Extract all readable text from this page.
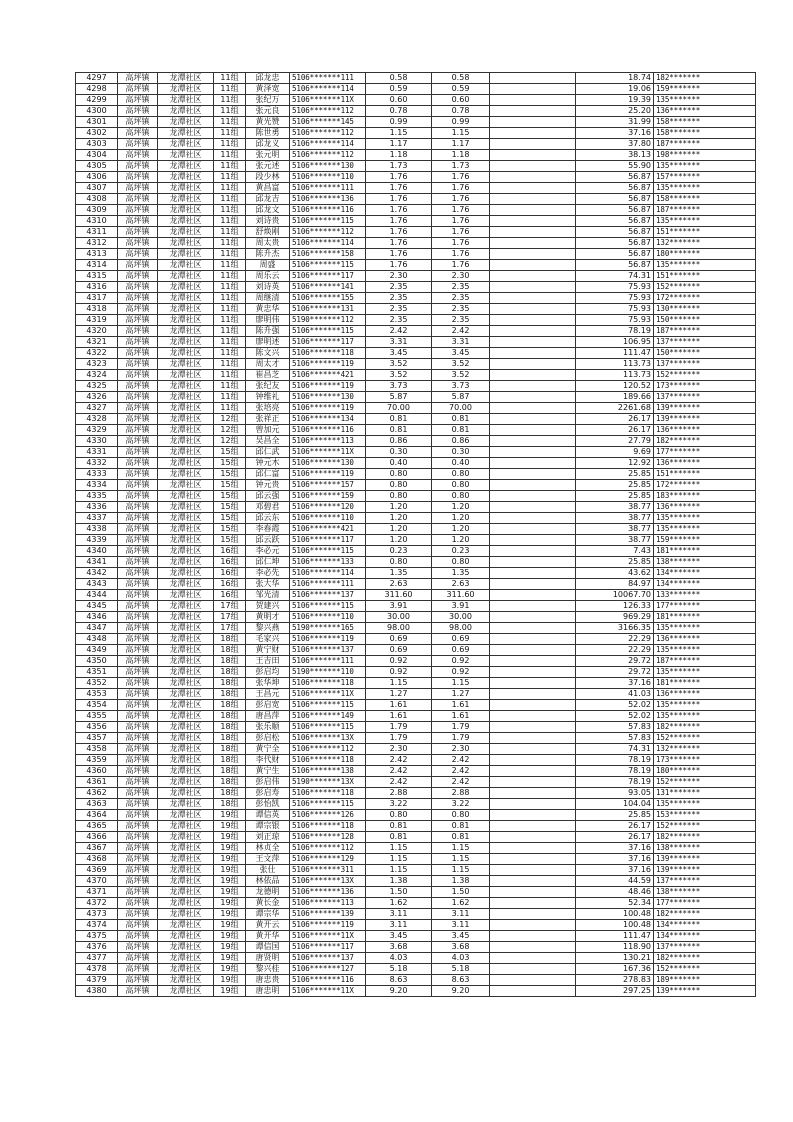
4297	高坪镇	龙潭社区	11组	邱龙忠	5106*******111	0.58	0.58		18.74	182*******
4298	高坪镇	龙潭社区	11组	黄泽宽	5106*******114	0.59	0.59		19.06	159*******
4299	高坪镇	龙潭社区	11组	张纪万	5106*******11X	0.60	0.60		19.39	135*******
4300	高坪镇	龙潭社区	11组	张元良	5106*******112	0.78	0.78		25.20	136*******
4301	高坪镇	龙潭社区	11组	黄光赞	5106*******145	0.99	0.99		31.99	158*******
4302	高坪镇	龙潭社区	11组	陈世勇	5106*******112	1.15	1.15		37.16	158*******
4303	高坪镇	龙潭社区	11组	邱龙义	5106*******114	1.17	1.17		37.80	187*******
4304	高坪镇	龙潭社区	11组	张元明	5106*******112	1.18	1.18		38.13	198*******
4305	高坪镇	龙潭社区	11组	张元述	5106*******130	1.73	1.73		55.90	135*******
4306	高坪镇	龙潭社区	11组	段少林	5106*******110	1.76	1.76		56.87	157*******
4307	高坪镇	龙潭社区	11组	黄昌富	5106*******111	1.76	1.76		56.87	135*******
4308	高坪镇	龙潭社区	11组	邱龙吉	5106*******136	1.76	1.76		56.87	158*******
4309	高坪镇	龙潭社区	11组	邱龙文	5106*******116	1.76	1.76		56.87	187*******
4310	高坪镇	龙潭社区	11组	刘诗贵	5106*******115	1.76	1.76		56.87	135*******
4311	高坪镇	龙潭社区	11组	舒焕刚	5106*******112	1.76	1.76		56.87	151*******
4312	高坪镇	龙潭社区	11组	周太贵	5106*******114	1.76	1.76		56.87	132*******
4313	高坪镇	龙潭社区	11组	陈升杰	5106*******158	1.76	1.76		56.87	180*******
4314	高坪镇	龙潭社区	11组	周盛	5106*******115	1.76	1.76		56.87	135*******
4315	高坪镇	龙潭社区	11组	周乐云	5106*******117	2.30	2.30		74.31	151*******
4316	高坪镇	龙潭社区	11组	刘诗英	5106*******141	2.35	2.35		75.93	152*******
4317	高坪镇	龙潭社区	11组	周继清	5106*******155	2.35	2.35		75.93	172*******
4318	高坪镇	龙潭社区	11组	黄忠华	5106*******131	2.35	2.35		75.93	130*******
4319	高坪镇	龙潭社区	11组	廖明伟	5190*******112	2.35	2.35		75.93	150*******
4320	高坪镇	龙潭社区	11组	陈升强	5106*******115	2.42	2.42		78.19	187*******
4321	高坪镇	龙潭社区	11组	廖明述	5106*******117	3.31	3.31		106.95	137*******
4322	高坪镇	龙潭社区	11组	陈文兴	5106*******118	3.45	3.45		111.47	150*******
4323	高坪镇	龙潭社区	11组	周太才	5106*******119	3.52	3.52		113.73	137*******
4324	高坪镇	龙潭社区	11组	崔昌芝	5106*******421	3.52	3.52		113.73	152*******
4325	高坪镇	龙潭社区	11组	张纪友	5106*******119	3.73	3.73		120.52	173*******
4326	高坪镇	龙潭社区	11组	钟维礼	5106*******130	5.87	5.87		189.66	137*******
4327	高坪镇	龙潭社区	11组	张培亮	5106*******119	70.00	70.00		2261.68	139*******
4328	高坪镇	龙潭社区	12组	张祥正	5106*******134	0.81	0.81		26.17	139*******
4329	高坪镇	龙潭社区	12组	曾加元	5106*******116	0.81	0.81		26.17	136*******
4330	高坪镇	龙潭社区	12组	吴昌全	5106*******113	0.86	0.86		27.79	182*******
4331	高坪镇	龙潭社区	15组	邱仁武	5106*******11X	0.30	0.30		9.69	177*******
4332	高坪镇	龙潭社区	15组	钟元木	5106*******130	0.40	0.40		12.92	136*******
4333	高坪镇	龙潭社区	15组	邱仁富	5106*******119	0.80	0.80		25.85	151*******
4334	高坪镇	龙潭社区	15组	钟元贵	5106*******157	0.80	0.80		25.85	172*******
4335	高坪镇	龙潭社区	15组	邱云强	5106*******159	0.80	0.80		25.85	183*******
4336	高坪镇	龙潭社区	15组	邓碧君	5106*******120	1.20	1.20		38.77	136*******
4337	高坪镇	龙潭社区	15组	邱云东	5106*******110	1.20	1.20		38.77	135*******
4338	高坪镇	龙潭社区	15组	李春霞	5106*******421	1.20	1.20		38.77	135*******
4339	高坪镇	龙潭社区	15组	邱云跃	5106*******117	1.20	1.20		38.77	159*******
4340	高坪镇	龙潭社区	16组	李必元	5106*******115	0.23	0.23		7.43	181*******
4341	高坪镇	龙潭社区	16组	邱仁坤	5106*******133	0.80	0.80		25.85	138*******
4342	高坪镇	龙潭社区	16组	李必先	5106*******114	1.35	1.35		43.62	134*******
4343	高坪镇	龙潭社区	16组	张大华	5106*******111	2.63	2.63		84.97	134*******
4344	高坪镇	龙潭社区	16组	邹光清	5106*******137	311.60	311.60		10067.70	133*******
4345	高坪镇	龙潭社区	17组	贺建兴	5106*******115	3.91	3.91		126.33	177*******
4346	高坪镇	龙潭社区	17组	黄明才	5106*******110	30.00	30.00		969.29	181*******
4347	高坪镇	龙潭社区	17组	黎兴燕	5190*******165	98.00	98.00		3166.35	135*******
4348	高坪镇	龙潭社区	18组	毛家兴	5106*******119	0.69	0.69		22.29	136*******
4349	高坪镇	龙潭社区	18组	黄宁财	5106*******137	0.69	0.69		22.29	135*******
4350	高坪镇	龙潭社区	18组	王吉田	5106*******111	0.92	0.92		29.72	187*******
4351	高坪镇	龙潭社区	18组	彭启均	5190*******110	0.92	0.92		29.72	135*******
4352	高坪镇	龙潭社区	18组	张华坤	5106*******118	1.15	1.15		37.16	181*******
4353	高坪镇	龙潭社区	18组	王昌元	5106*******11X	1.27	1.27		41.03	136*******
4354	高坪镇	龙潭社区	18组	彭启宽	5106*******115	1.61	1.61		52.02	135*******
4355	高坪镇	龙潭社区	18组	唐昌萍	5106*******149	1.61	1.61		52.02	135*******
4356	高坪镇	龙潭社区	18组	张乐顺	5106*******115	1.79	1.79		57.83	182*******
4357	高坪镇	龙潭社区	18组	彭启松	5106*******13X	1.79	1.79		57.83	152*******
4358	高坪镇	龙潭社区	18组	黄宁全	5106*******112	2.30	2.30		74.31	132*******
4359	高坪镇	龙潭社区	18组	李代财	5106*******118	2.42	2.42		78.19	173*******
4360	高坪镇	龙潭社区	18组	黄宁生	5106*******138	2.42	2.42		78.19	180*******
4361	高坪镇	龙潭社区	18组	彭启伟	5190*******13X	2.42	2.42		78.19	152*******
4362	高坪镇	龙潭社区	18组	彭启寿	5106*******118	2.88	2.88		93.05	131*******
4363	高坪镇	龙潭社区	18组	彭怡凯	5106*******115	3.22	3.22		104.04	135*******
4364	高坪镇	龙潭社区	19组	谭信英	5106*******126	0.80	0.80		25.85	153*******
4365	高坪镇	龙潭社区	19组	谭宗银	5106*******118	0.81	0.81		26.17	152*******
4366	高坪镇	龙潭社区	19组	刘正琼	5106*******128	0.81	0.81		26.17	182*******
4367	高坪镇	龙潭社区	19组	林贞全	5106*******112	1.15	1.15		37.16	138*******
4368	高坪镇	龙潭社区	19组	王文萍	5106*******129	1.15	1.15		37.16	139*******
4369	高坪镇	龙潭社区	19组	张仕	5106*******311	1.15	1.15		37.16	139*******
4370	高坪镇	龙潭社区	19组	林依品	5106*******13X	1.38	1.38		44.59	137*******
4371	高坪镇	龙潭社区	19组	龙德明	5106*******136	1.50	1.50		48.46	138*******
4372	高坪镇	龙潭社区	19组	黄长金	5106*******113	1.62	1.62		52.34	177*******
4373	高坪镇	龙潭社区	19组	谭宗华	5106*******139	3.11	3.11		100.48	182*******
4374	高坪镇	龙潭社区	19组	黄开云	5106*******119	3.11	3.11		100.48	134*******
4375	高坪镇	龙潭社区	19组	黄开华	5106*******11X	3.45	3.45		111.47	134*******
4376	高坪镇	龙潭社区	19组	谭信国	5106*******117	3.68	3.68		118.90	137*******
4377	高坪镇	龙潭社区	19组	唐贤明	5106*******137	4.03	4.03		130.21	182*******
4378	高坪镇	龙潭社区	19组	黎兴桂	5106*******127	5.18	5.18		167.36	152*******
4379	高坪镇	龙潭社区	19组	唐忠贵	5106*******116	8.63	8.63		278.83	189*******
4380	高坪镇	龙潭社区	19组	唐忠明	5106*******11X	9.20	9.20		297.25	139*******
